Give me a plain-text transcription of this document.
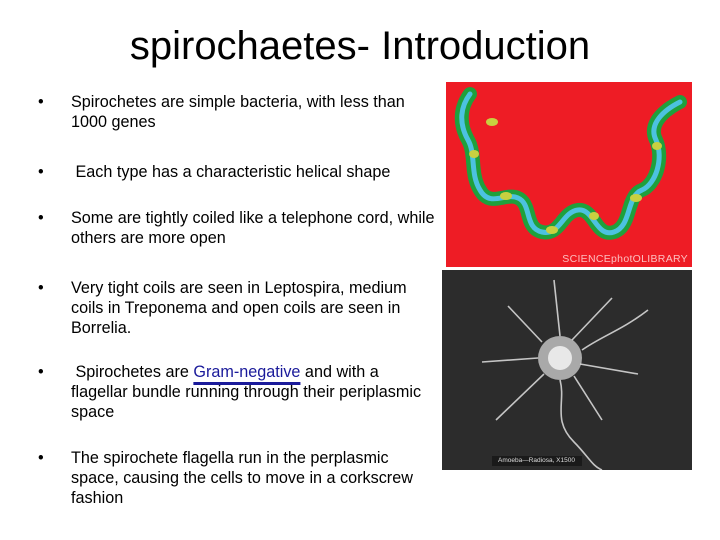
spirochaetes- Introduction
•	Spirochetes are simple bacteria, with less than 1000 genes
•	Each type has a characteristic helical shape
•	Some are tightly coiled like a telephone cord, while others are more open
•	Very tight coils are seen in Leptospira, medium coils in Treponema and open coils are seen in Borrelia.
•	Spirochetes are Gram-negative and with a flagellar bundle running through their periplasmic space
•	The spirochete flagella run in the perplasmic space, causing the cells to move in a corkscrew fashion
SCIENCEphotOLIBRARY
Amoeba—Radiosa, X1500
